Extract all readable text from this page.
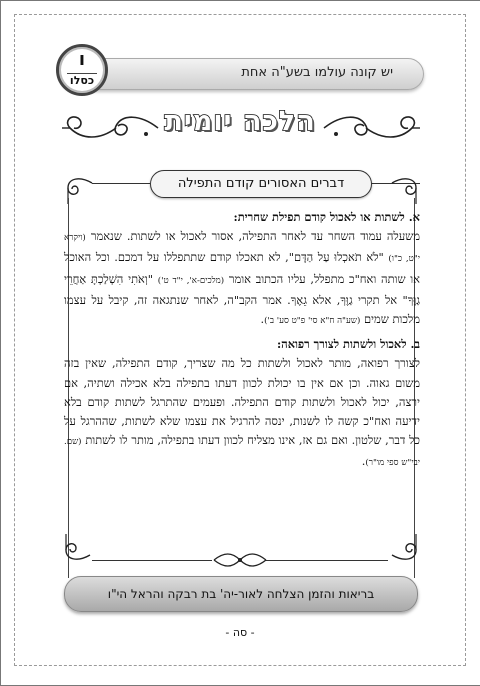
יש קונה עולמו בשע"ה אחת
ו
כסלו
הלכה יומית
דברים האסורים קודם התפילה

א. לשתות או לאכול קודם תפילת שחרית:
משעלה עמוד השחר עד לאחר התפילה, אסור לאכול או לשתות. שנאמר (ויקרא י"ט, כ"ו) "לֹא תֹאכְלוּ עַל הַדָּם", לא תאכלו קודם שתתפללו על דמכם. וכל האוכל או שותה ואח"כ מתפלל, עליו הכתוב אומר (מלכים-א', י"ד ט') "וְאֹתִי הִשְׁלַכְתָּ אַחֲרֵי גַוֶּךָ" אל תקרי גַוֶּךָ, אלא גֵאֶךָ. אמר הקב"ה, לאחר שנתגאה זה, קיבל על עצמו מלכות שמים (שע"ה ח"א סי' פ"ט סע' ב').

ב. לאכול ולשתות לצורך רפואה:
לצורך רפואה, מותר לאכול ולשתות כל מה שצריך, קודם התפילה, שאין בזה משום גאוה. וכן אם אין בו יכולת לכוון דעתו בתפילה בלא אכילה ושתיה, אם ירצה, יכול לאכול ולשתות קודם התפילה. ופעמים שהתרגל לשתות קודם בלא ידיעה ואח"כ קשה לו לשנות, ינסה להרגיל את עצמו שלא לשתות, שההרגל על כל דבר, שלטון. ואם גם אז, אינו מצליח לכוון דעתו בתפילה, מותר לו לשתות (שם. יבי"ש ספי מו"ר).

בריאות והזמן הצלחה לאור-יה' בת רבקה והראל הי"ו
- סה -
